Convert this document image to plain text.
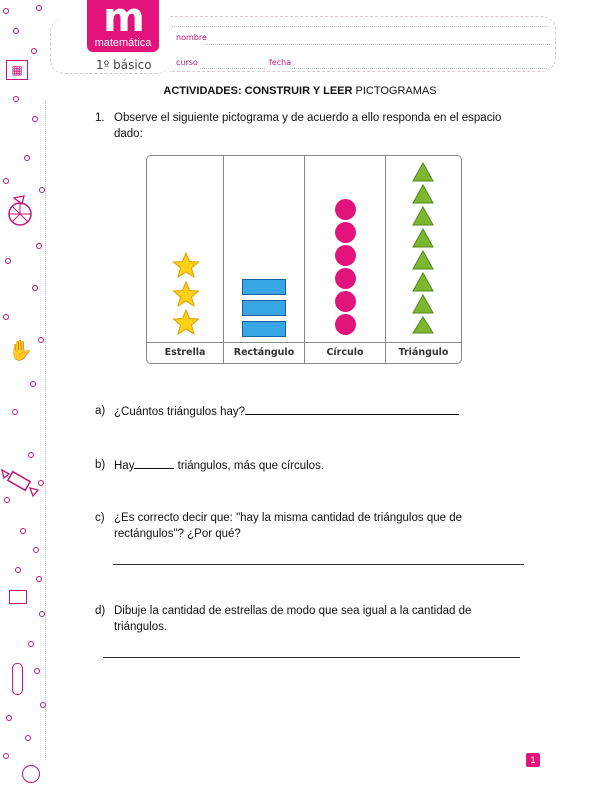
m
matemática
1º básico
nombre
curso	fecha
▦
✋
ACTIVIDADES: CONSTRUIR Y LEER PICTOGRAMAS
1. Observe el siguiente pictograma y de acuerdo a ello responda en el espacio
dado:
Estrella	Rectángulo	Círculo	Triángulo
a) ¿Cuántos triángulos hay?
b) Hay	triángulos, más que círculos.
c) ¿Es correcto decir que: "hay la misma cantidad de triángulos que de
rectángulos"? ¿Por qué?
d) Dibuje la cantidad de estrellas de modo que sea igual a la cantidad de
triángulos.
1
